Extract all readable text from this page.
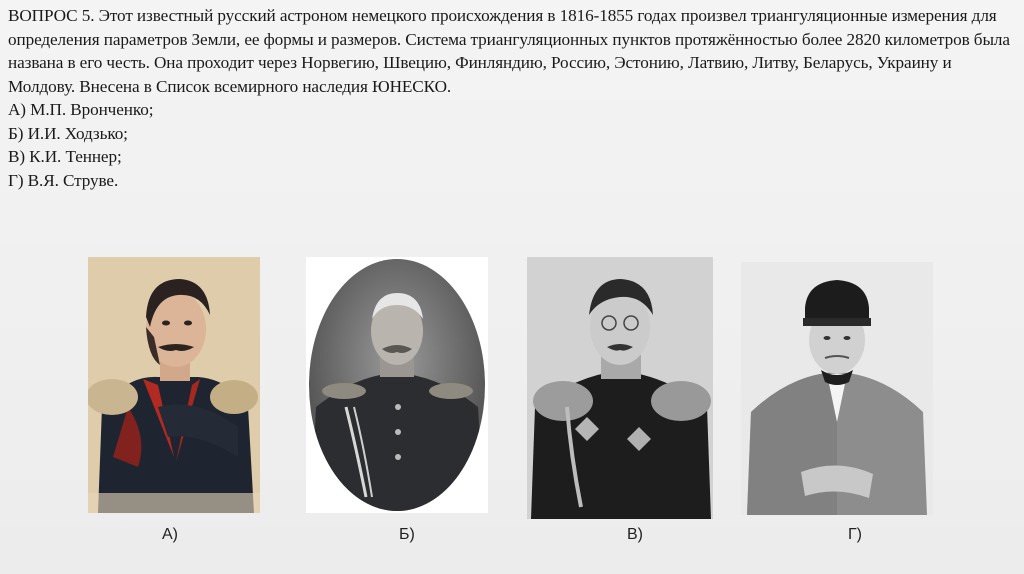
ВОПРОС 5. Этот известный русский астроном немецкого происхождения в 1816-1855 годах произвел триангуляционные измерения для определения параметров Земли, ее формы и размеров. Система триангуляционных пунктов протяжённостью более 2820 километров была названа в его честь. Она проходит через Норвегию, Швецию, Финляндию, Россию, Эстонию, Латвию, Литву, Беларусь, Украину и Молдову. Внесена в Список всемирного наследия ЮНЕСКО.

А) М.П. Врончeнко;
Б) И.И. Ходзько;
В) К.И. Теннер;
Г) В.Я. Струве.
А)	Б)	В)	Г)
